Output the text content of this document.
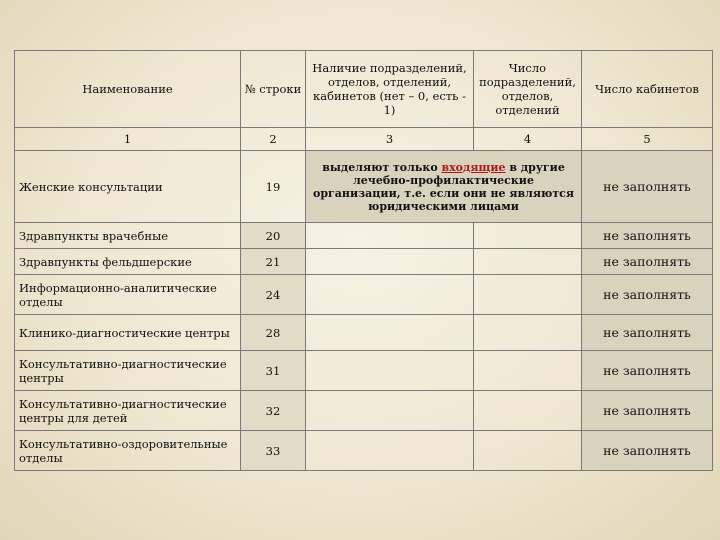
Наименование	№ строки	Наличие подразделений, отделов, отделений, кабинетов (нет – 0, есть - 1)	Число подразделений, отделов, отделений	Число кабинетов
1	2	3	4	5
Женские консультации	19	выделяют только входящие в другие лечебно-профилактические организации, т.е. если они не являются юридическими лицами		не заполнять
Здравпункты врачебные	20			не заполнять
Здравпункты фельдшерские	21			не заполнять
Информационно-аналитические отделы	24			не заполнять
Клинико-диагностические центры	28			не заполнять
Консультативно-диагностические центры	31			не заполнять
Консультативно-диагностические центры для детей	32			не заполнять
Консультативно-оздоровительные отделы	33			не заполнять
